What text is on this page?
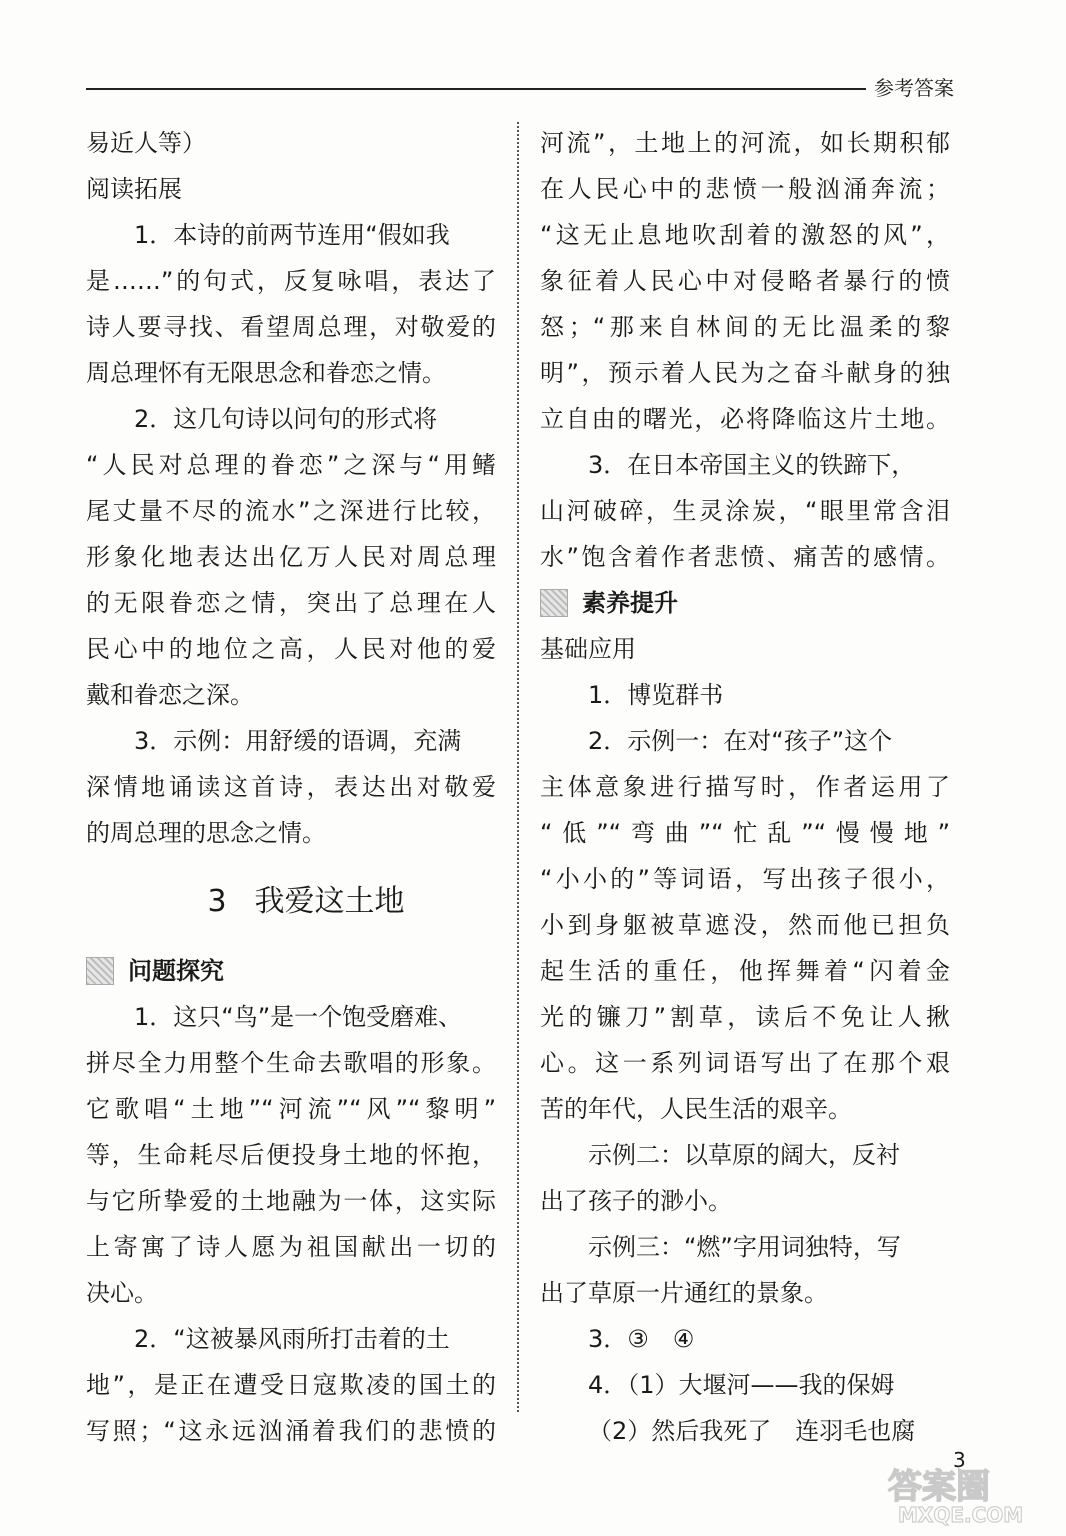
参考答案
易近人等）
阅读拓展
1．本诗的前两节连用“假如我
是……”的句式，反复咏唱，表达了
诗人要寻找、看望周总理，对敬爱的
周总理怀有无限思念和眷恋之情。
2．这几句诗以问句的形式将
“人民对总理的眷恋”之深与“用鳍
尾丈量不尽的流水”之深进行比较，
形象化地表达出亿万人民对周总理
的无限眷恋之情，突出了总理在人
民心中的地位之高，人民对他的爱
戴和眷恋之深。
3．示例：用舒缓的语调，充满
深情地诵读这首诗，表达出对敬爱
的周总理的思念之情。
3 我爱这土地
问题探究
1．这只“鸟”是一个饱受磨难、
拼尽全力用整个生命去歌唱的形象。
它歌唱“土地”“河流”“风”“黎明”
等，生命耗尽后便投身土地的怀抱，
与它所挚爱的土地融为一体，这实际
上寄寓了诗人愿为祖国献出一切的
决心。
2．“这被暴风雨所打击着的土
地”，是正在遭受日寇欺凌的国土的
写照；“这永远汹涌着我们的悲愤的
河流”，土地上的河流，如长期积郁
在人民心中的悲愤一般汹涌奔流；
“这无止息地吹刮着的激怒的风”，
象征着人民心中对侵略者暴行的愤
怒；“那来自林间的无比温柔的黎
明”，预示着人民为之奋斗献身的独
立自由的曙光，必将降临这片土地。
3．在日本帝国主义的铁蹄下，
山河破碎，生灵涂炭，“眼里常含泪
水”饱含着作者悲愤、痛苦的感情。
素养提升
基础应用
1．博览群书
2．示例一：在对“孩子”这个
主体意象进行描写时，作者运用了
“低”“弯曲”“忙乱”“慢慢地”
“小小的”等词语，写出孩子很小，
小到身躯被草遮没，然而他已担负
起生活的重任，他挥舞着“闪着金
光的镰刀”割草，读后不免让人揪
心。这一系列词语写出了在那个艰
苦的年代，人民生活的艰辛。
示例二：以草原的阔大，反衬
出了孩子的渺小。
示例三：“燃”字用词独特，写
出了草原一片通红的景象。
3．③　④
4．（1）大堰河——我的保姆
（2）然后我死了　连羽毛也腐
3
答案圈
MXQE.COM
